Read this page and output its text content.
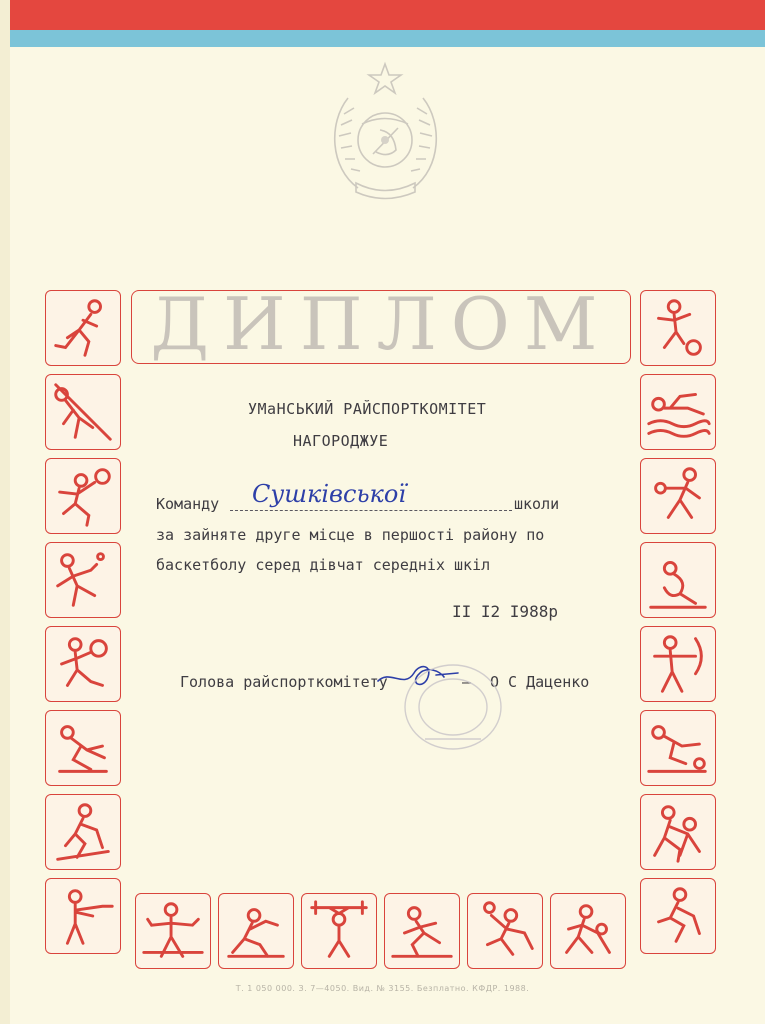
ДИПЛОМ
УМаНСЬКИЙ РАЙСПОРТКОМІТЕТ
НАГОРОДЖУЕ
Команду Сушківської	школи
за зайняте друге місце в першості району по
баскетболу серед дівчат середніх шкіл
II I2 I988р
Голова райспорткомітету	— О С Даценко
Т. 1 050 000. З. 7—4050. Вид. № 3155. Безплатно. КФДР. 1988.
